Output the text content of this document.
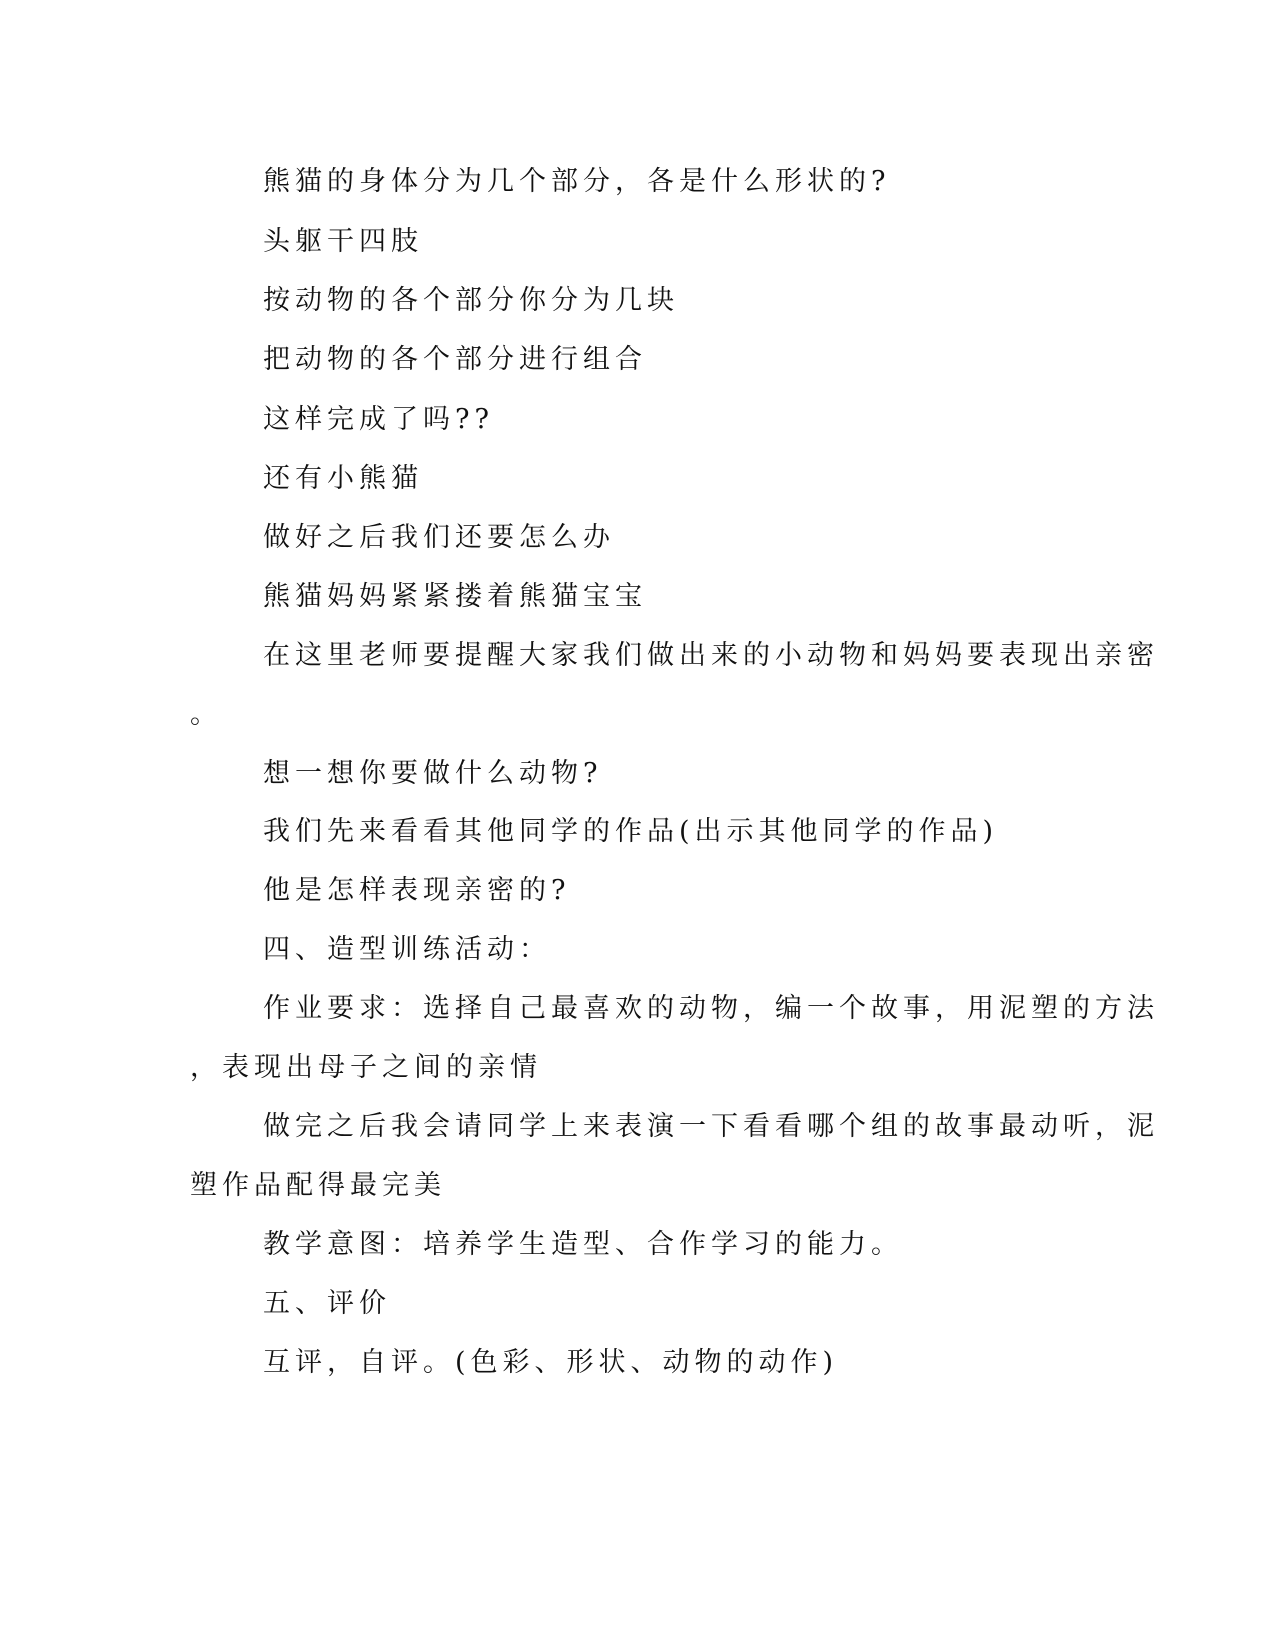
熊猫的身体分为几个部分，各是什么形状的?

头躯干四肢

按动物的各个部分你分为几块

把动物的各个部分进行组合

这样完成了吗??

还有小熊猫

做好之后我们还要怎么办

熊猫妈妈紧紧搂着熊猫宝宝

在这里老师要提醒大家我们做出来的小动物和妈妈要表现出亲密

。

想一想你要做什么动物?

我们先来看看其他同学的作品(出示其他同学的作品)

他是怎样表现亲密的?

四、造型训练活动：

作业要求：选择自己最喜欢的动物，编一个故事，用泥塑的方法

，表现出母子之间的亲情

做完之后我会请同学上来表演一下看看哪个组的故事最动听，泥

塑作品配得最完美

教学意图：培养学生造型、合作学习的能力。

五、评价

互评，自评。(色彩、形状、动物的动作)
